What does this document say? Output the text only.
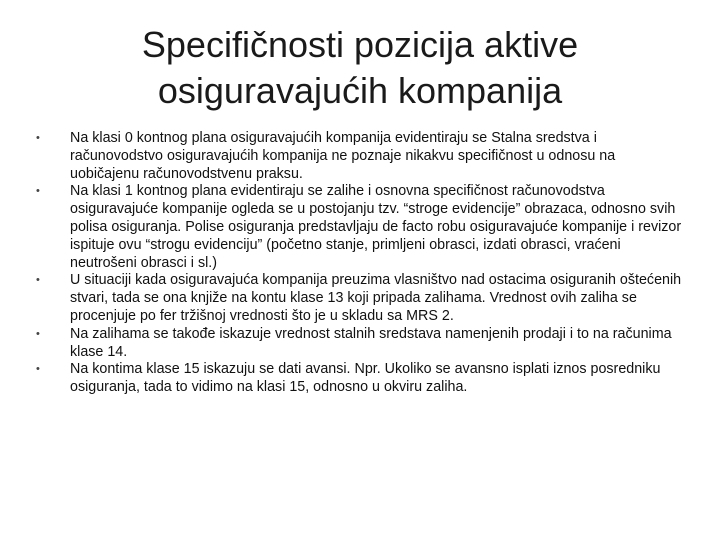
Specifičnosti pozicija aktive
osiguravajućih kompanija
• Na klasi 0 kontnog plana osiguravajućih kompanija evidentiraju se Stalna sredstva i računovodstvo osiguravajućih kompanija ne poznaje nikakvu specifičnost u odnosu na uobičajenu računovodstvenu praksu.
• Na klasi 1 kontnog plana evidentiraju se zalihe i osnovna specifičnost računovodstva osiguravajuće kompanije ogleda se u postojanju tzv. “stroge evidencije” obrazaca, odnosno svih polisa osiguranja. Polise osiguranja predstavljaju de facto robu osiguravajuće kompanije i revizor ispituje ovu “strogu evidenciju” (početno stanje, primljeni obrasci, izdati obrasci, vraćeni neutrošeni obrasci i sl.)
• U situaciji kada osiguravajuća kompanija preuzima vlasništvo nad ostacima osiguranih oštećenih stvari, tada se ona knjiže na kontu klase 13 koji pripada zalihama. Vrednost ovih zaliha se procenjuje po fer tržišnoj vrednosti što je u skladu sa MRS 2.
• Na zalihama se takođe iskazuje vrednost stalnih sredstava namenjenih prodaji i to na računima klase 14.
• Na kontima klase 15 iskazuju se dati avansi. Npr. Ukoliko se avansno isplati iznos posredniku osiguranja, tada to vidimo na klasi 15, odnosno u okviru zaliha.
